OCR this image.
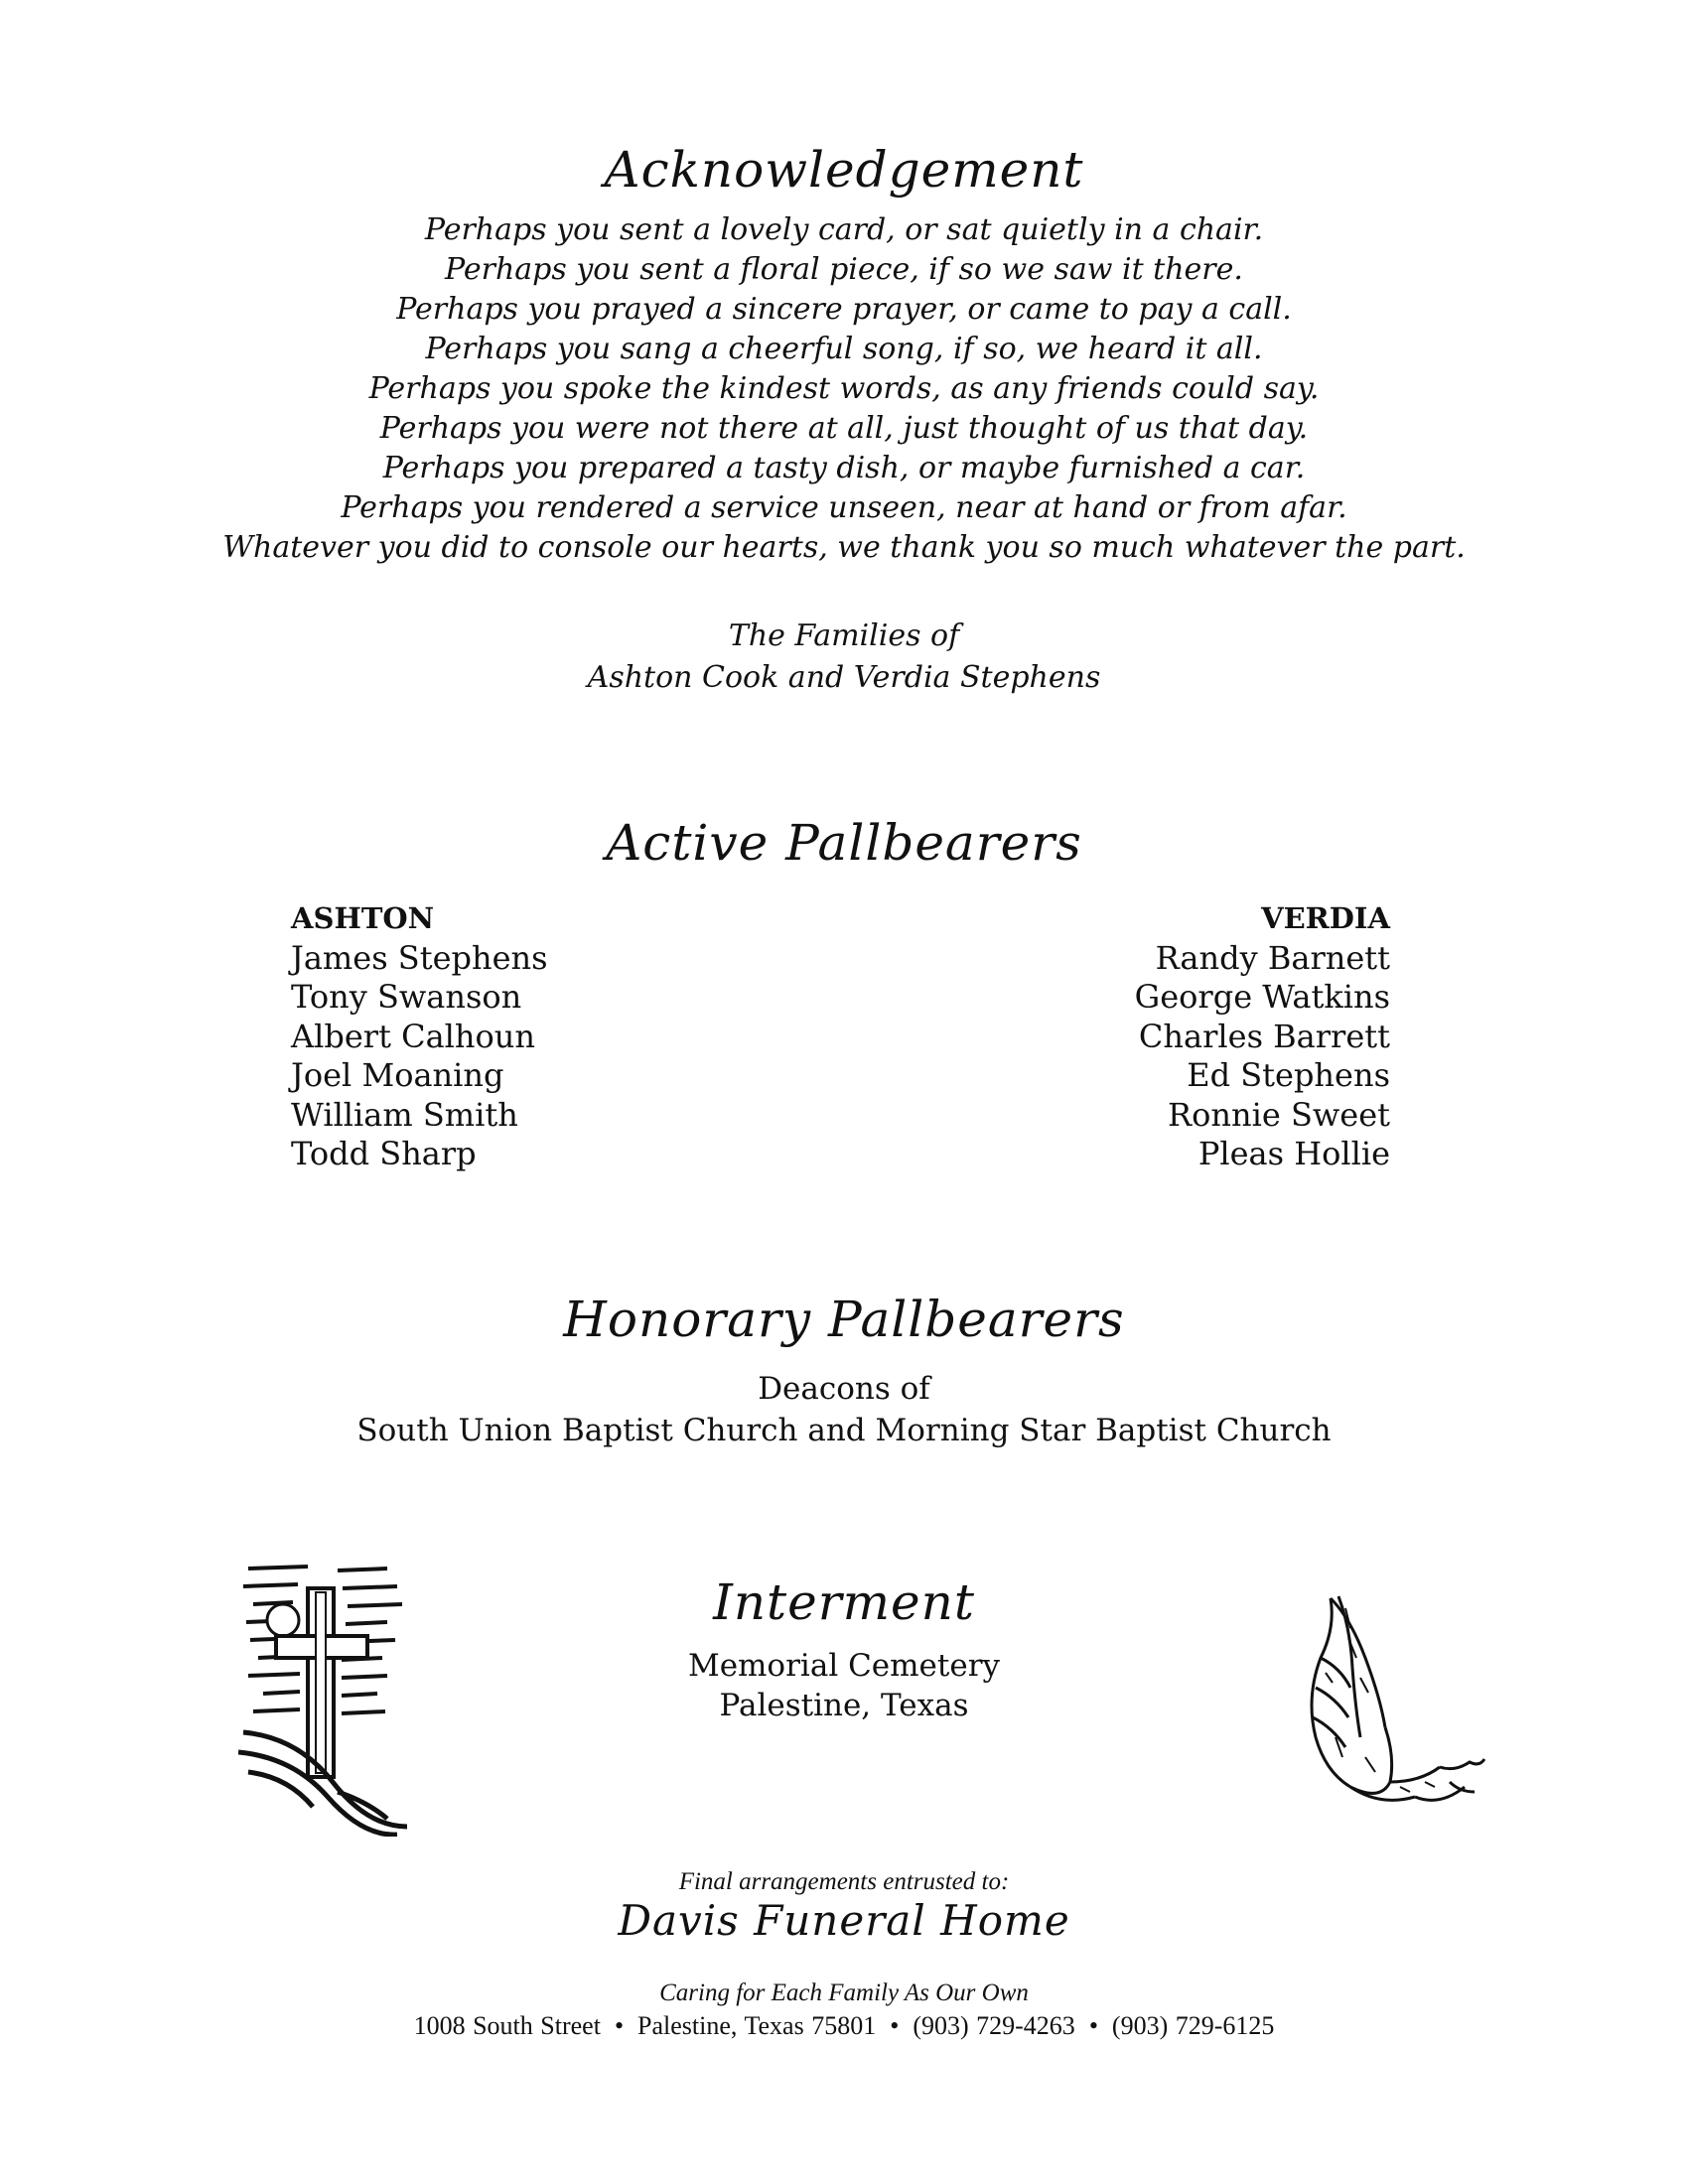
Acknowledgement
Perhaps you sent a lovely card, or sat quietly in a chair.
Perhaps you sent a floral piece, if so we saw it there.
Perhaps you prayed a sincere prayer, or came to pay a call.
Perhaps you sang a cheerful song, if so, we heard it all.
Perhaps you spoke the kindest words, as any friends could say.
Perhaps you were not there at all, just thought of us that day.
Perhaps you prepared a tasty dish, or maybe furnished a car.
Perhaps you rendered a service unseen, near at hand or from afar.
Whatever you did to console our hearts, we thank you so much whatever the part.
The Families of
Ashton Cook and Verdia Stephens
Active Pallbearers
ASHTON
James Stephens
Tony Swanson
Albert Calhoun
Joel Moaning
William Smith
Todd Sharp
VERDIA
Randy Barnett
George Watkins
Charles Barrett
Ed Stephens
Ronnie Sweet
Pleas Hollie
Honorary Pallbearers
Deacons of
South Union Baptist Church and Morning Star Baptist Church
Interment
Memorial Cemetery
Palestine, Texas
Final arrangements entrusted to:
Davis Funeral Home
Caring for Each Family As Our Own
1008 South Street • Palestine, Texas 75801 • (903) 729-4263 • (903) 729-6125
